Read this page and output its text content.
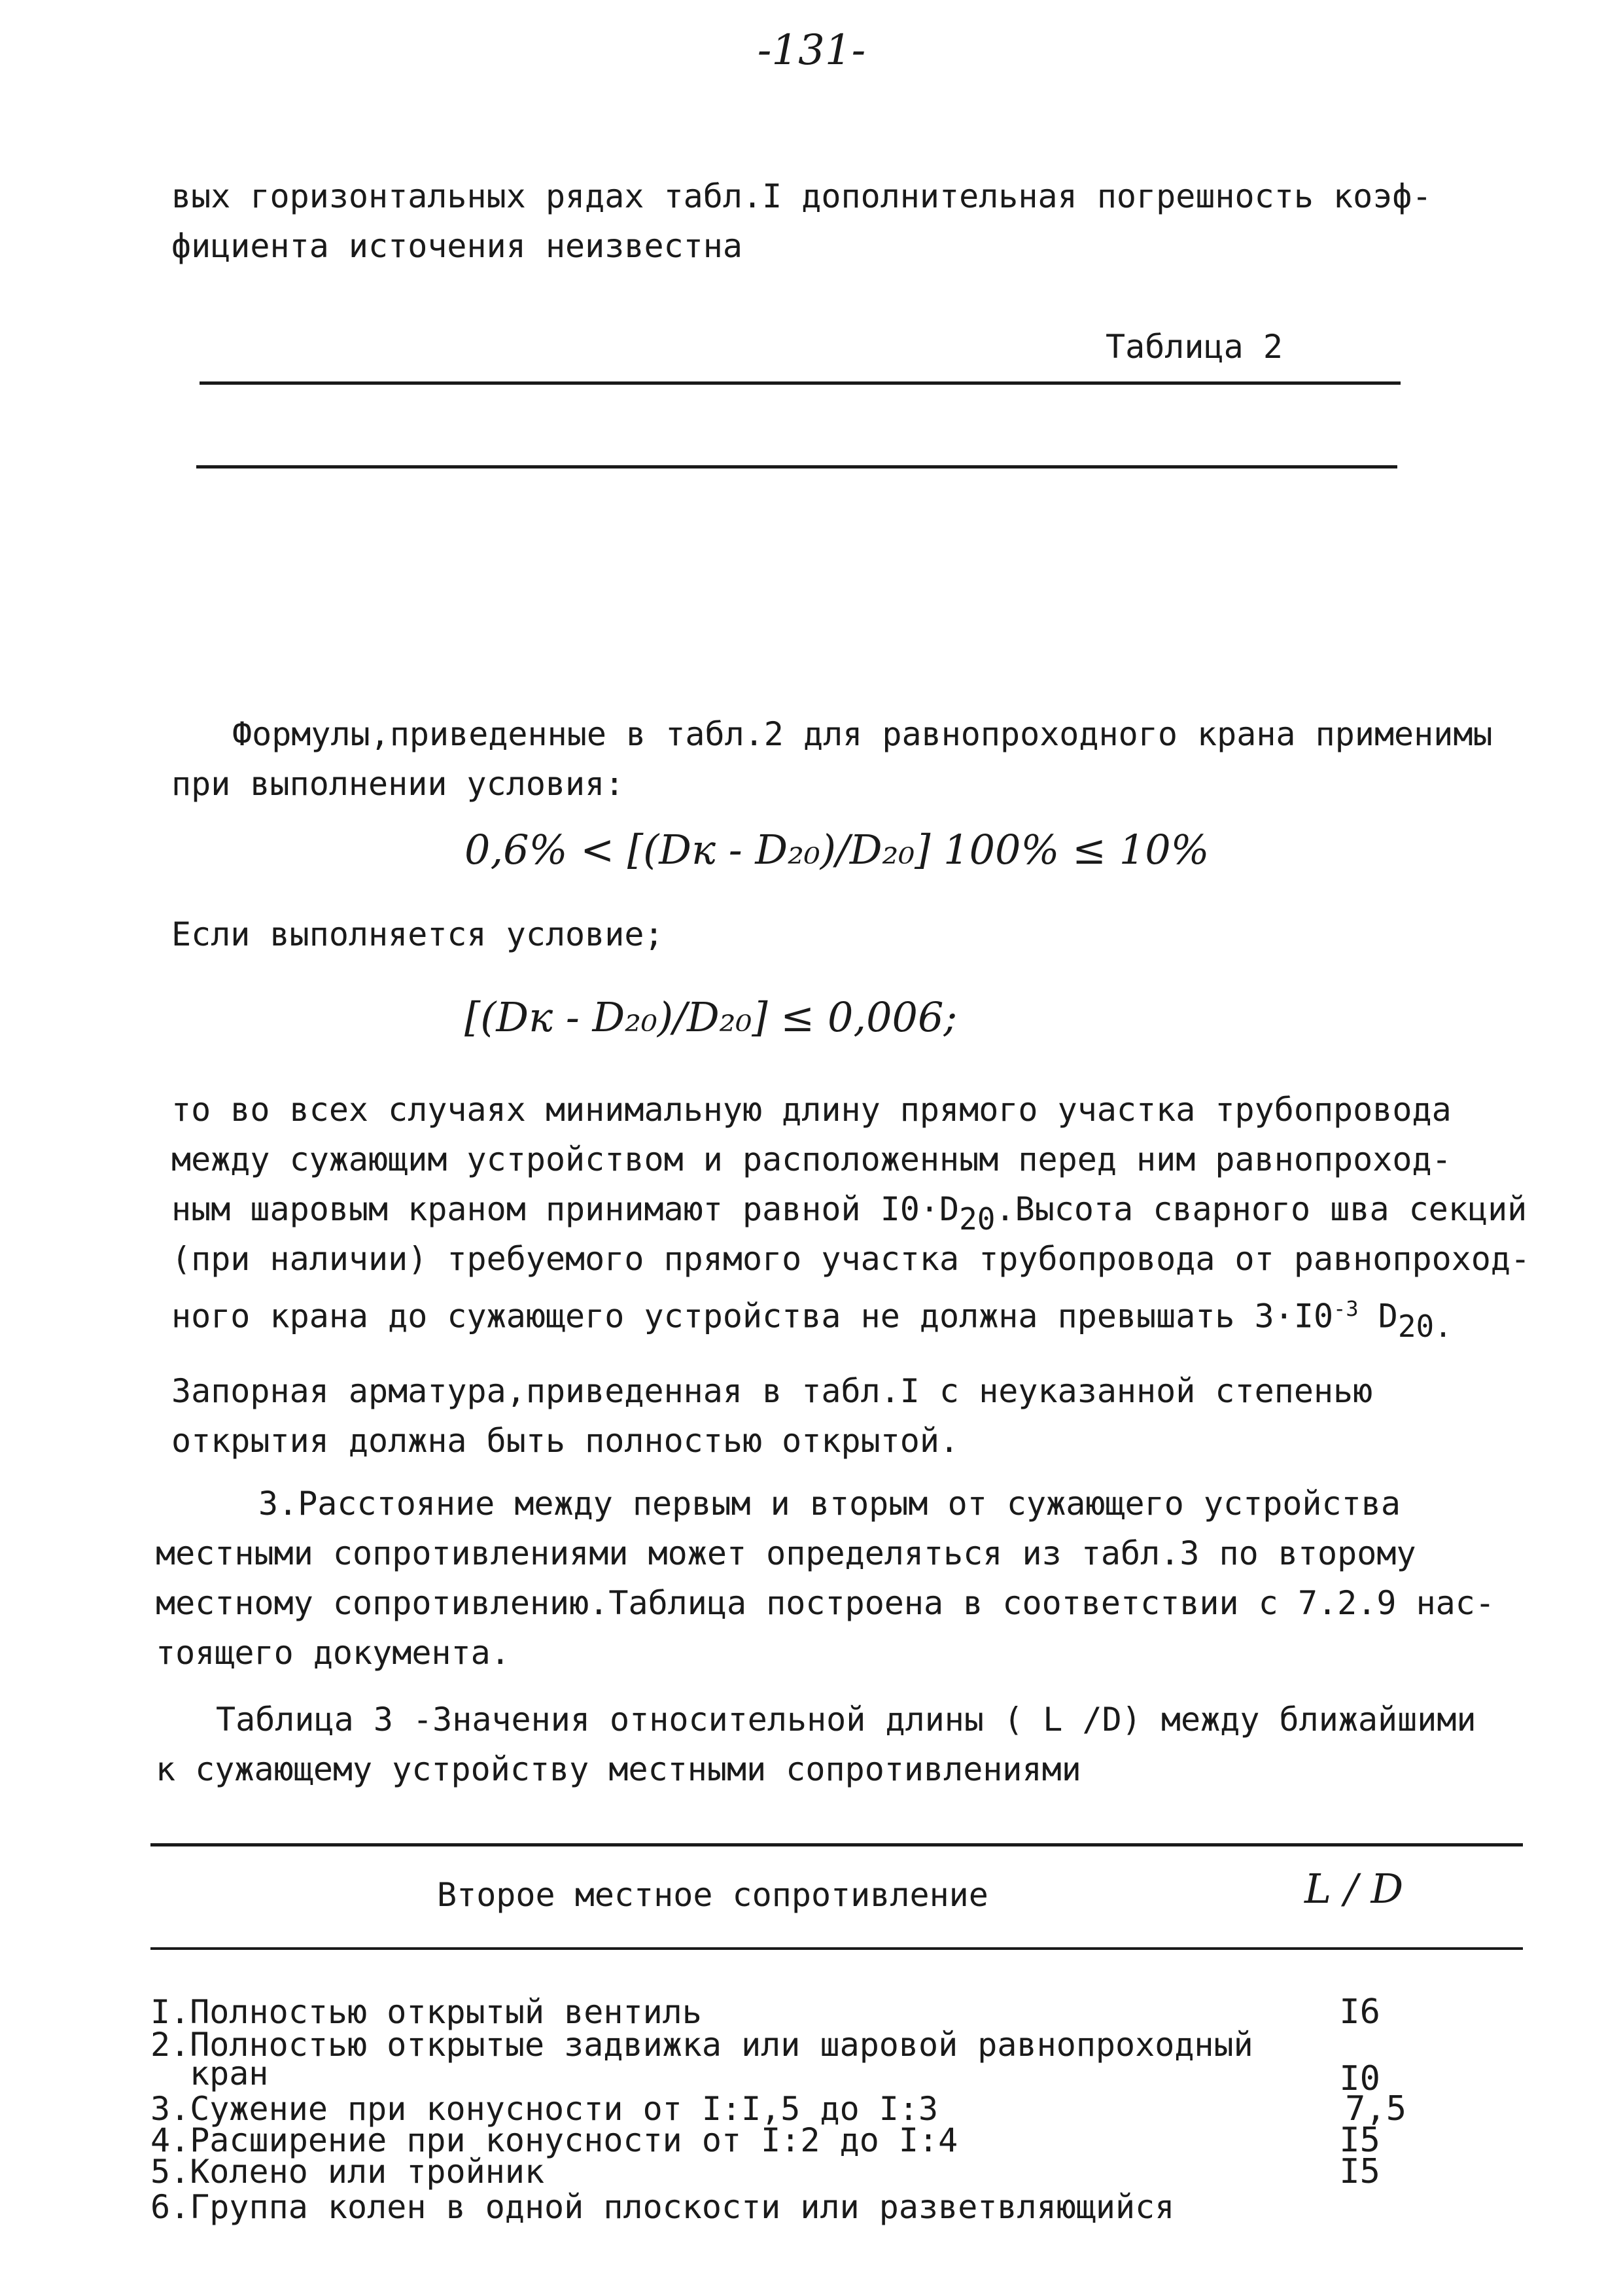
-131-
вых горизонтальных рядах табл.I дополнительная погрешность коэф-
фициента источения неизвестна
Таблица 2
Формулы,приведенные в табл.2 для равнопроходного крана применимы
при выполнении условия:
0,6% < [(Dк - D₂₀)/D₂₀] 100% ≤ 10%
Если выполняется условие;
[(Dк - D₂₀)/D₂₀] ≤ 0,006;
то во всех случаях минимальную длину прямого участка трубопровода
между сужающим устройством и расположенным перед ним равнопроход-
ным шаровым краном принимают равной I0·D20.Высота сварного шва секций
(при наличии) требуемого прямого участка трубопровода от равнопроход-
ного крана до сужающего устройства не должна превышать $3\cdot I0^{-3}$ D20.
Запорная арматура,приведенная в табл.I с неуказанной степенью
открытия должна быть полностью открытой.
3.Расстояние между первым и вторым от сужающего устройства
местными сопротивлениями может определяться из табл.3 по второму
местному сопротивлению.Таблица построена в соответствии с 7.2.9 нас-
тоящего документа.
Таблица 3 -Значения относительной длины ( L /D) между ближайшими
к сужающему устройству местными сопротивлениями
Второе местное сопротивление	L / D
I.Полностью открытый вентиль	I6
2.Полностью открытые задвижка или шаровой равнопроходный
кран	I0
3.Сужение при конусности от I:I,5 до I:3	7,5
4.Расширение при конусности от I:2 до I:4	I5
5.Колено или тройник	I5
6.Группа колен в одной плоскости или разветвляющийся
